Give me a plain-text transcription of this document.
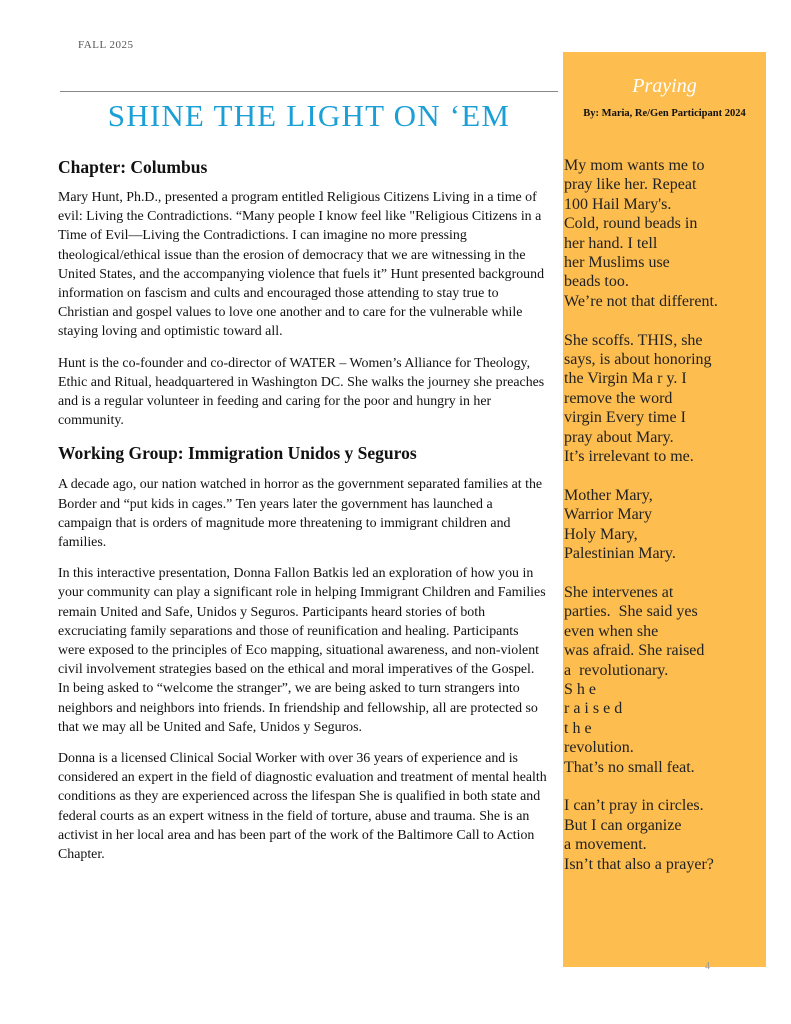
FALL 2025
SHINE THE LIGHT ON ‘EM
Chapter: Columbus

Mary Hunt, Ph.D., presented a program entitled Religious Citizens Living in a time of evil: Living the Contradictions. “Many people I know feel like "Religious Citizens in a Time of Evil—Living the Contradictions. I can imagine no more pressing theological/ethical issue than the erosion of democracy that we are witnessing in the United States, and the accompanying violence that fuels it” Hunt presented background information on fascism and cults and encouraged those attending to stay true to Christian and gospel values to love one another and to care for the vulnerable while staying loving and optimistic toward all.

Hunt is the co-founder and co-director of WATER – Women’s Alliance for Theology, Ethic and Ritual, headquartered in Washington DC. She walks the journey she preaches and is a regular volunteer in feeding and caring for the poor and hungry in her community.

Working Group: Immigration Unidos y Seguros

A decade ago, our nation watched in horror as the government separated families at the Border and “put kids in cages.” Ten years later the government has launched a campaign that is orders of magnitude more threatening to immigrant children and families.

In this interactive presentation, Donna Fallon Batkis led an exploration of how you in your community can play a significant role in helping Immigrant Children and Families remain United and Safe, Unidos y Seguros. Participants heard stories of both excruciating family separations and those of reunification and healing. Participants were exposed to the principles of Eco mapping, situational awareness, and non-violent civil involvement strategies based on the ethical and moral imperatives of the Gospel. In being asked to “welcome the stranger”, we are being asked to turn strangers into neighbors and neighbors into friends. In friendship and fellowship, all are protected so that we may all be United and Safe, Unidos y Seguros.

Donna is a licensed Clinical Social Worker with over 36 years of experience and is considered an expert in the field of diagnostic evaluation and treatment of mental health conditions as they are experienced across the lifespan She is qualified in both state and federal courts as an expert witness in the field of torture, abuse and trauma. She is an activist in her local area and has been part of the work of the Baltimore Call to Action Chapter.

Praying
By: Maria, Re/Gen Participant 2024
My mom wants me to
pray like her. Repeat
100 Hail Mary's.
Cold, round beads in
her hand. I tell
her Muslims use
beads too.
We’re not that different.

She scoffs. THIS, she
says, is about honoring
the Virgin Ma r y. I
remove the word
virgin Every time I
pray about Mary.
It’s irrelevant to me.

Mother Mary,
Warrior Mary
Holy Mary,
Palestinian Mary.

She intervenes at
parties.  She said yes
even when she
was afraid. She raised
a  revolutionary.
S h e
r a i s e d
t h e
revolution.
That’s no small feat.

I can’t pray in circles.
But I can organize
a movement.
Isn’t that also a prayer?
4
